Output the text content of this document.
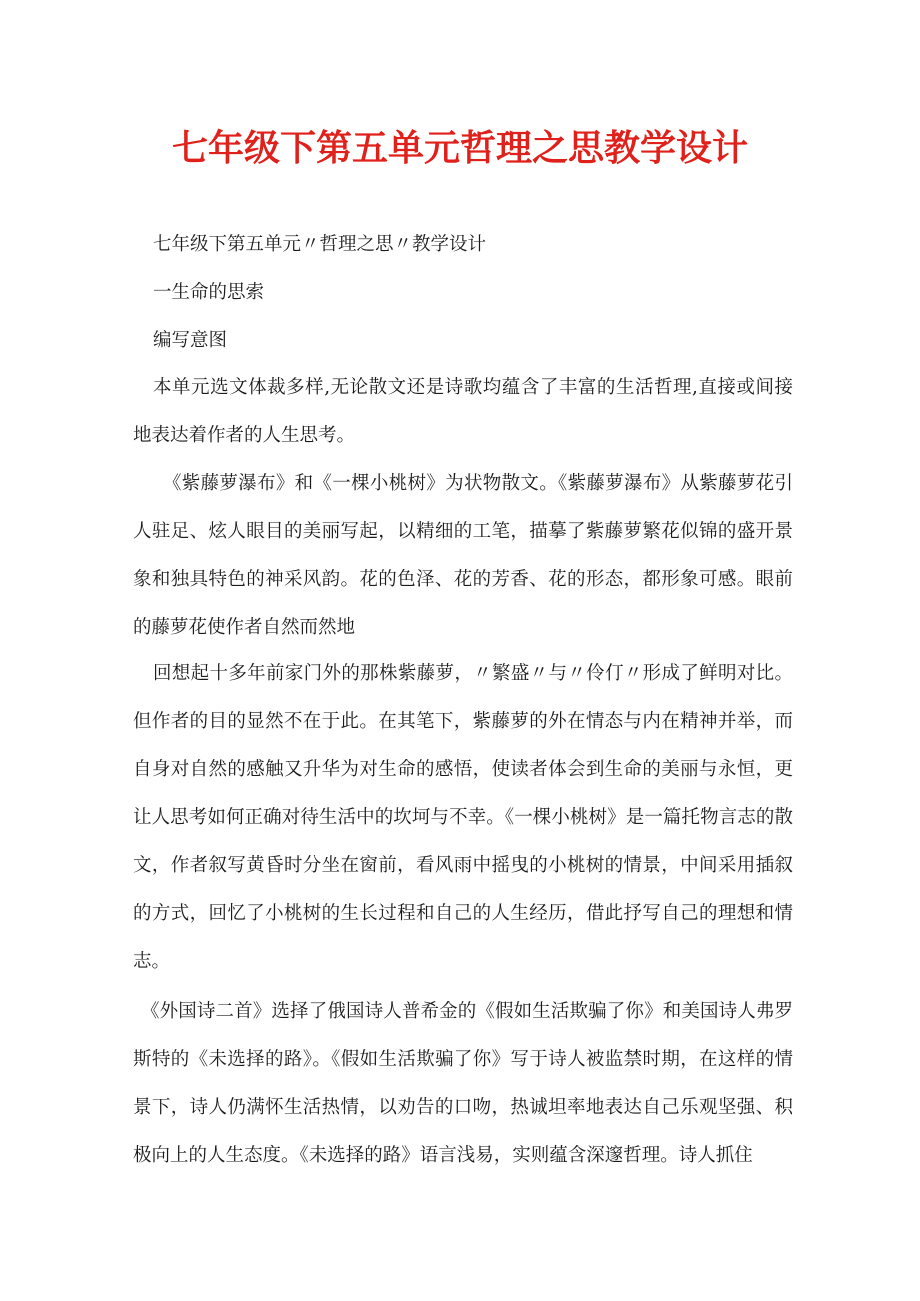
七年级下第五单元哲理之思教学设计

七年级下第五单元〃哲理之思〃教学设计

一生命的思索

编写意图

本单元选文体裁多样,无论散文还是诗歌均蕴含了丰富的生活哲理,直接或间接地表达着作者的人生思考。

《紫藤萝瀑布》和《一棵小桃树》为状物散文。《紫藤萝瀑布》从紫藤萝花引人驻足、炫人眼目的美丽写起，以精细的工笔，描摹了紫藤萝繁花似锦的盛开景象和独具特色的神采风韵。花的色泽、花的芳香、花的形态，都形象可感。眼前的藤萝花使作者自然而然地

回想起十多年前家门外的那株紫藤萝，〃繁盛〃与〃伶仃〃形成了鲜明对比。但作者的目的显然不在于此。在其笔下，紫藤萝的外在情态与内在精神并举，而自身对自然的感触又升华为对生命的感悟，使读者体会到生命的美丽与永恒，更让人思考如何正确对待生活中的坎坷与不幸。《一棵小桃树》是一篇托物言志的散文，作者叙写黄昏时分坐在窗前，看风雨中摇曳的小桃树的情景，中间采用插叙的方式，回忆了小桃树的生长过程和自己的人生经历，借此抒写自己的理想和情志。

《外国诗二首》选择了俄国诗人普希金的《假如生活欺骗了你》和美国诗人弗罗斯特的《未选择的路》。《假如生活欺骗了你》写于诗人被监禁时期，在这样的情景下，诗人仍满怀生活热情，以劝告的口吻，热诚坦率地表达自己乐观坚强、积极向上的人生态度。《未选择的路》语言浅易，实则蕴含深邃哲理。诗人抓住
